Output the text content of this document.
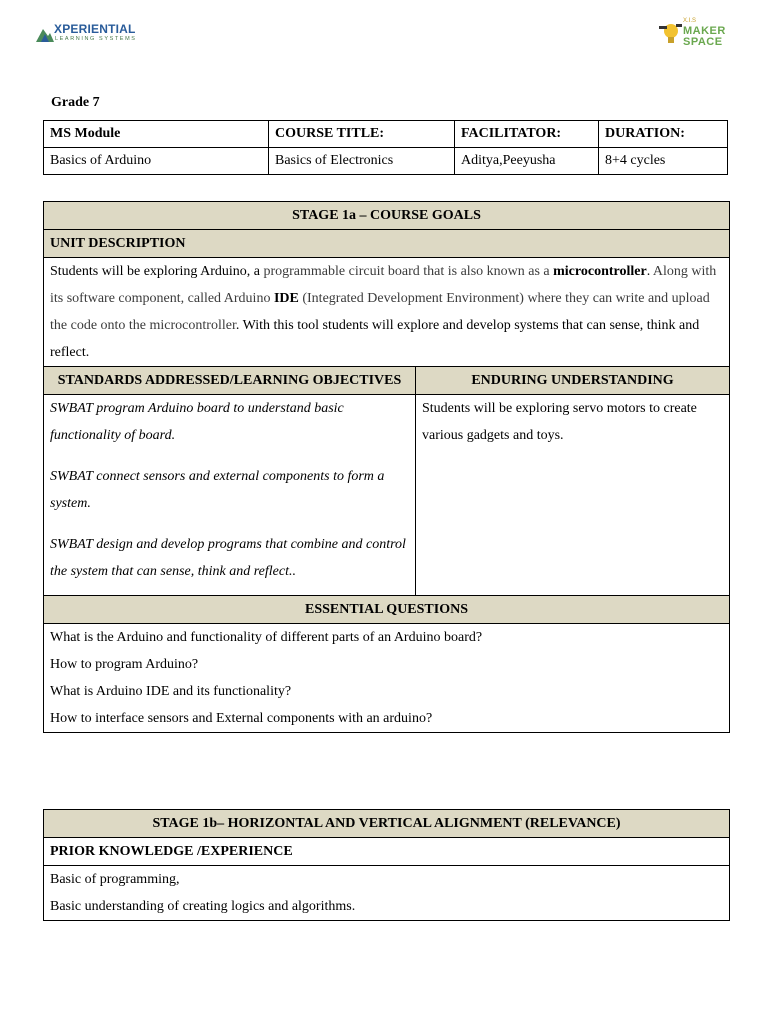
XPERIENTIAL
LEARNING SYSTEMS
X.I.S
MAKER
SPACE
Grade 7
MS Module	COURSE TITLE:	FACILITATOR:	DURATION:
Basics of Arduino	Basics of Electronics	Aditya,Peeyusha	8+4 cycles
STAGE 1a – COURSE GOALS	
UNIT DESCRIPTION	
Students will be exploring Arduino, a programmable circuit board that is also known as a microcontroller. Along with its software component, called Arduino IDE (Integrated Development Environment) where they can write and upload the code onto the microcontroller. With this tool students will explore and develop systems that can sense, think and reflect.	
STANDARDS ADDRESSED/LEARNING OBJECTIVES	ENDURING UNDERSTANDING

SWBAT program Arduino board to understand basic functionality of board.

SWBAT connect sensors and external components to form a system.

SWBAT design and develop programs that combine and control the system that can sense, think and reflect..	Students will be exploring servo motors to create various gadgets and toys.
ESSENTIAL QUESTIONS	

What is the Arduino and functionality of different parts of an Arduino board?
How to program Arduino?
What is Arduino IDE and its functionality?
How to interface sensors and External components with an arduino?	
STAGE 1b– HORIZONTAL AND VERTICAL ALIGNMENT (RELEVANCE)
PRIOR KNOWLEDGE /EXPERIENCE

Basic of programming,
Basic understanding of creating logics and algorithms.
